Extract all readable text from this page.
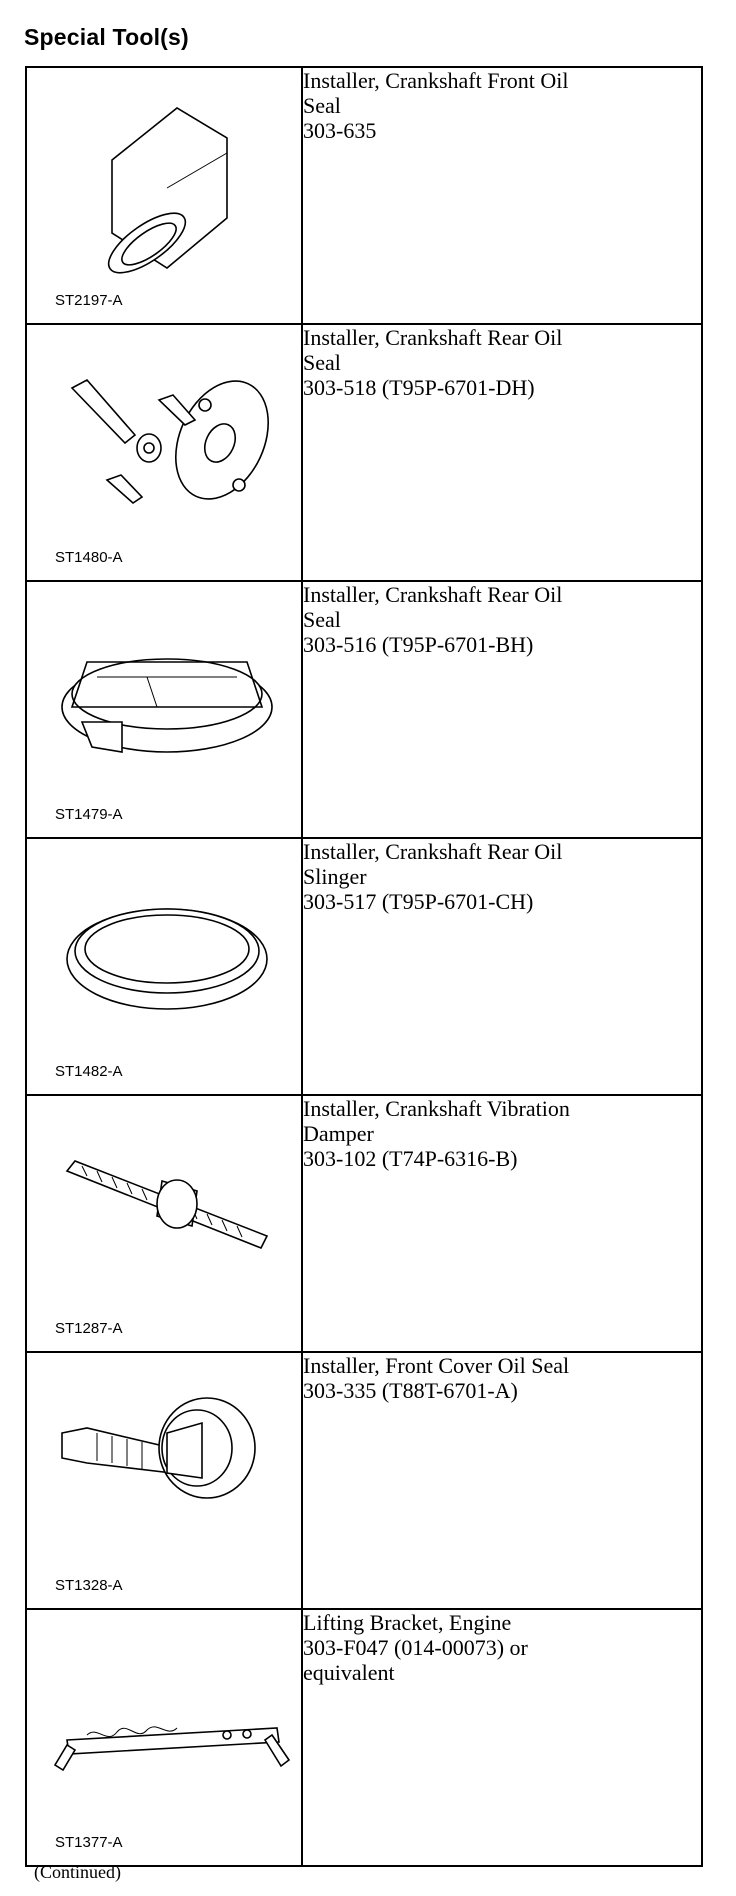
Special Tool(s)
ST2197-A	Installer, Crankshaft Front Oil
Seal
303-635

ST1480-A	Installer, Crankshaft Rear Oil
Seal
303-518 (T95P-6701-DH)

ST1479-A	Installer, Crankshaft Rear Oil
Seal
303-516 (T95P-6701-BH)

ST1482-A	Installer, Crankshaft Rear Oil
Slinger
303-517 (T95P-6701-CH)

ST1287-A	Installer, Crankshaft Vibration
Damper
303-102 (T74P-6316-B)

ST1328-A	Installer, Front Cover Oil Seal
303-335 (T88T-6701-A)

ST1377-A	Lifting Bracket, Engine
303-F047 (014-00073) or
equivalent
(Continued)
